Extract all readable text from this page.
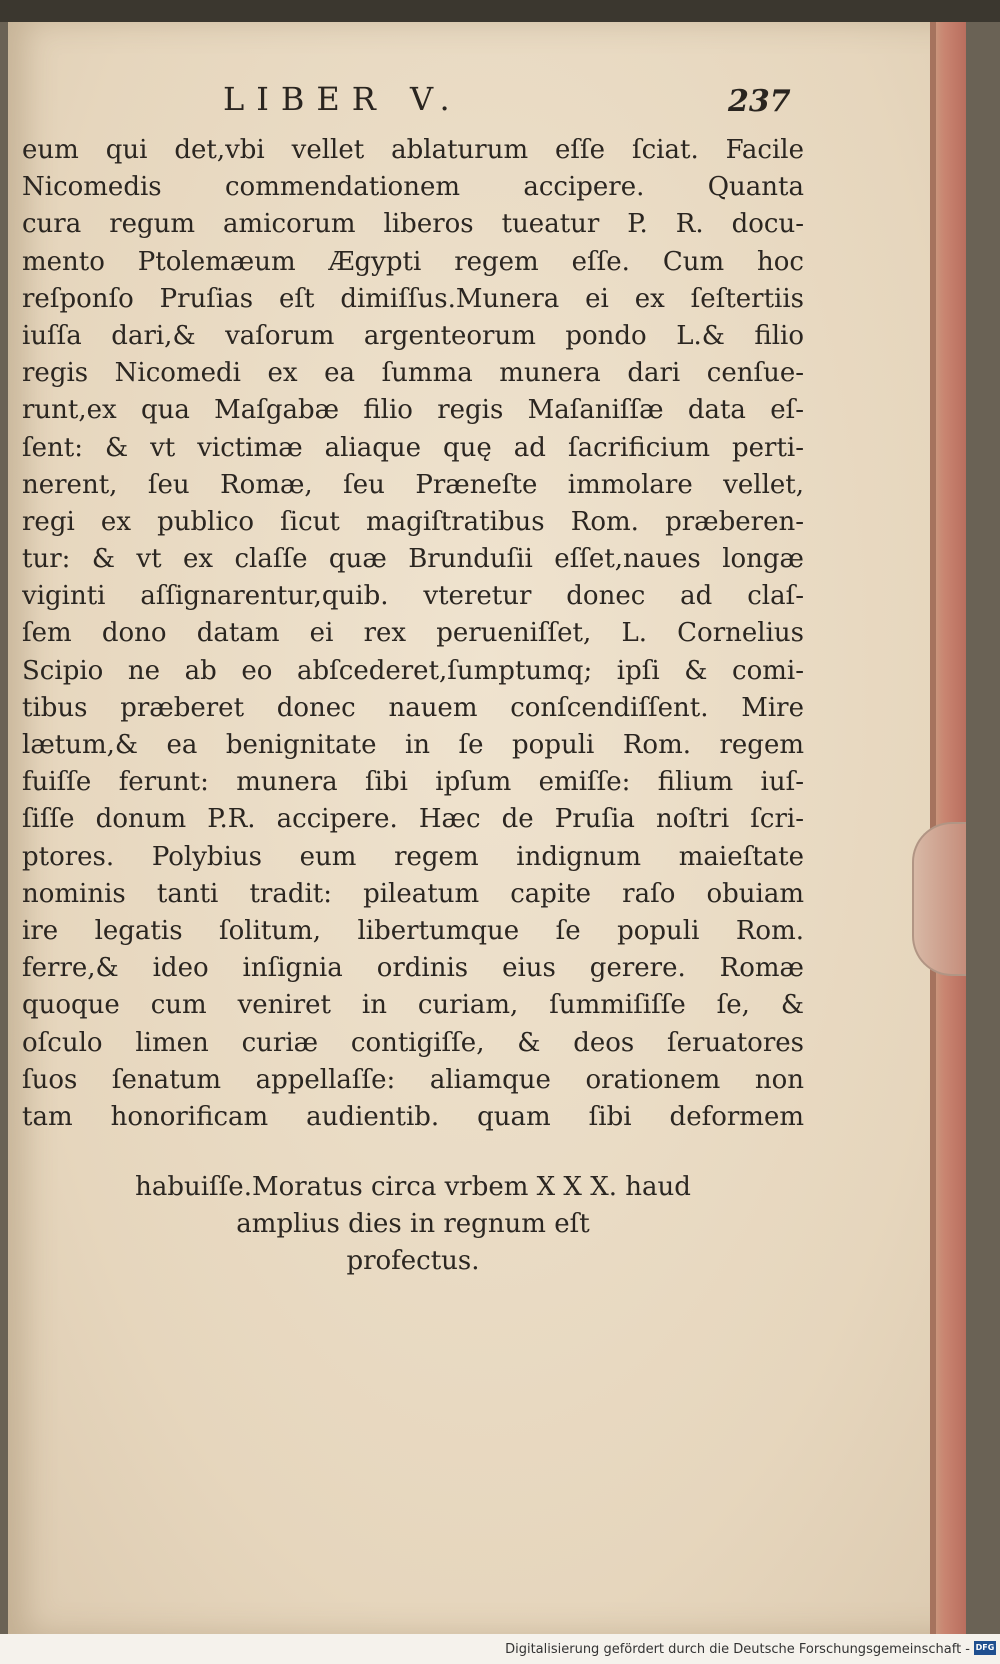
LIBER V.	237
eum qui det,vbi vellet ablaturum eſſe ſciat. Facile
Nicomedis commendationem accipere. Quanta
cura regum amicorum liberos tueatur P. R. docu-
mento Ptolemæum Ægypti regem eſſe. Cum hoc
reſponſo Pruſias eſt dimiſſus.Munera ei ex ſeſtertiis
iuſſa dari,& vaſorum argenteorum pondo L.& filio
regis Nicomedi ex ea ſumma munera dari cenſue-
runt,ex qua Maſgabæ filio regis Maſaniſſæ data eſ-
ſent: & vt victimæ aliaque quę ad ſacrificium perti-
nerent, ſeu Romæ, ſeu Præneſte immolare vellet,
regi ex publico ſicut magiſtratibus Rom. præberen-
tur: & vt ex claſſe quæ Brunduſii eſſet,naues longæ
viginti aſſignarentur,quib. vteretur donec ad claſ-
ſem dono datam ei rex perueniſſet, L. Cornelius
Scipio ne ab eo abſcederet,ſumptumq; ipſi & comi-
tibus præberet donec nauem conſcendiſſent. Mire
lætum,& ea benignitate in ſe populi Rom. regem
fuiſſe ferunt: munera ſibi ipſum emiſſe: filium iuſ-
ſiſſe donum P.R. accipere. Hæc de Pruſia noſtri ſcri-
ptores. Polybius eum regem indignum maieſtate
nominis tanti tradit: pileatum capite raſo obuiam
ire legatis ſolitum, libertumque ſe populi Rom.
ferre,& ideo inſignia ordinis eius gerere. Romæ
quoque cum veniret in curiam, ſummiſiſſe ſe, &
oſculo limen curiæ contigiſſe, & deos ſeruatores
ſuos ſenatum appellaſſe: aliamque orationem non
tam honorificam audientib. quam ſibi deformem
habuiſſe.Moratus circa vrbem X X X. haud
amplius dies in regnum eſt
profectus.
Digitalisierung gefördert durch die Deutsche Forschungsgemeinschaft - DFG
